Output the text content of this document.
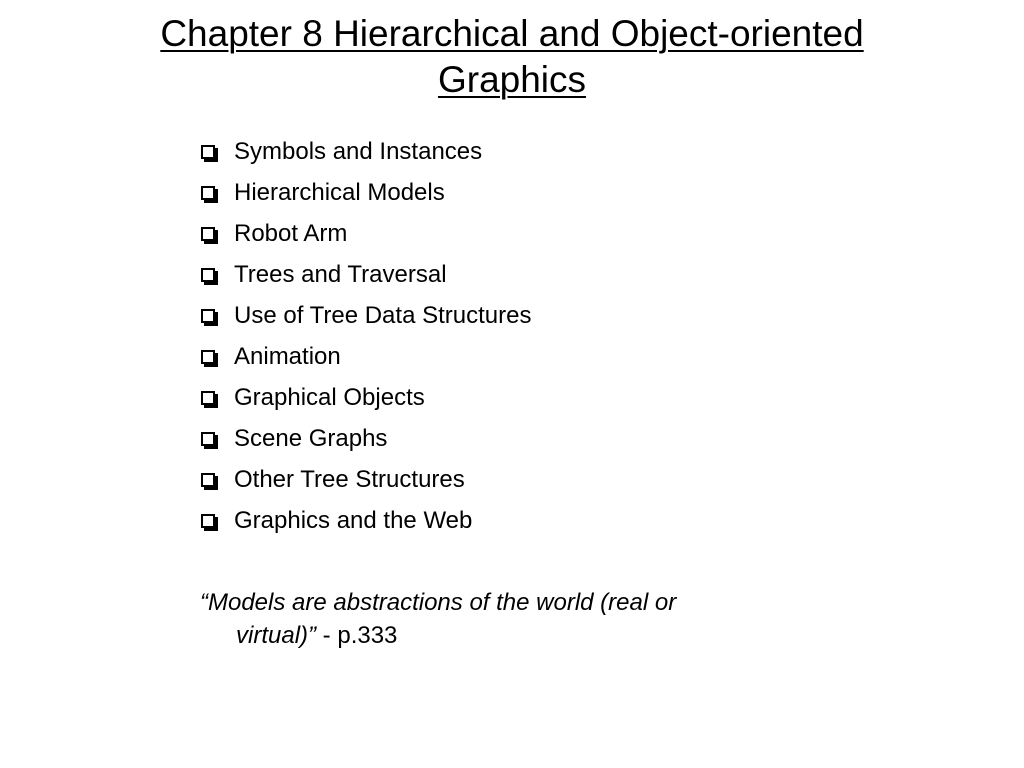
Chapter 8 Hierarchical and Object-oriented
Graphics
Symbols and Instances
Hierarchical Models
Robot Arm
Trees and Traversal
Use of Tree Data Structures
Animation
Graphical Objects
Scene Graphs
Other Tree Structures
Graphics and the Web
“Models are abstractions of the world (real or
virtual)” - p.333
